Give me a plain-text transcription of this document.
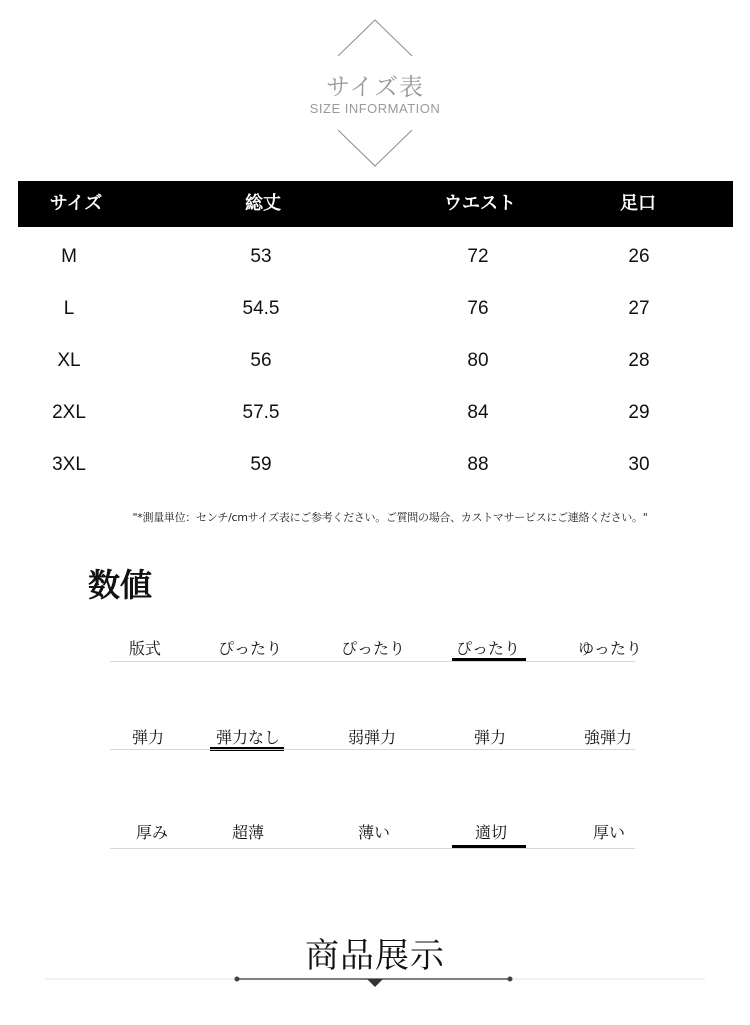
サイズ表
SIZE INFORMATION
サイズ	総丈	ウエスト	足口
M	53	72	26
L	54.5	76	27
XL	56	80	28
2XL	57.5	84	29
3XL	59	88	30
"*測量単位：センチ/cmサイズ表にご参考ください。ご質問の場合、カストマサービスにご連絡ください。"
数値
版式	ぴったり	ぴったり	ぴったり	ゆったり
弾力	弾力なし	弱弾力	弾力	強弾力
厚み	超薄	薄い	適切	厚い
商品展示
